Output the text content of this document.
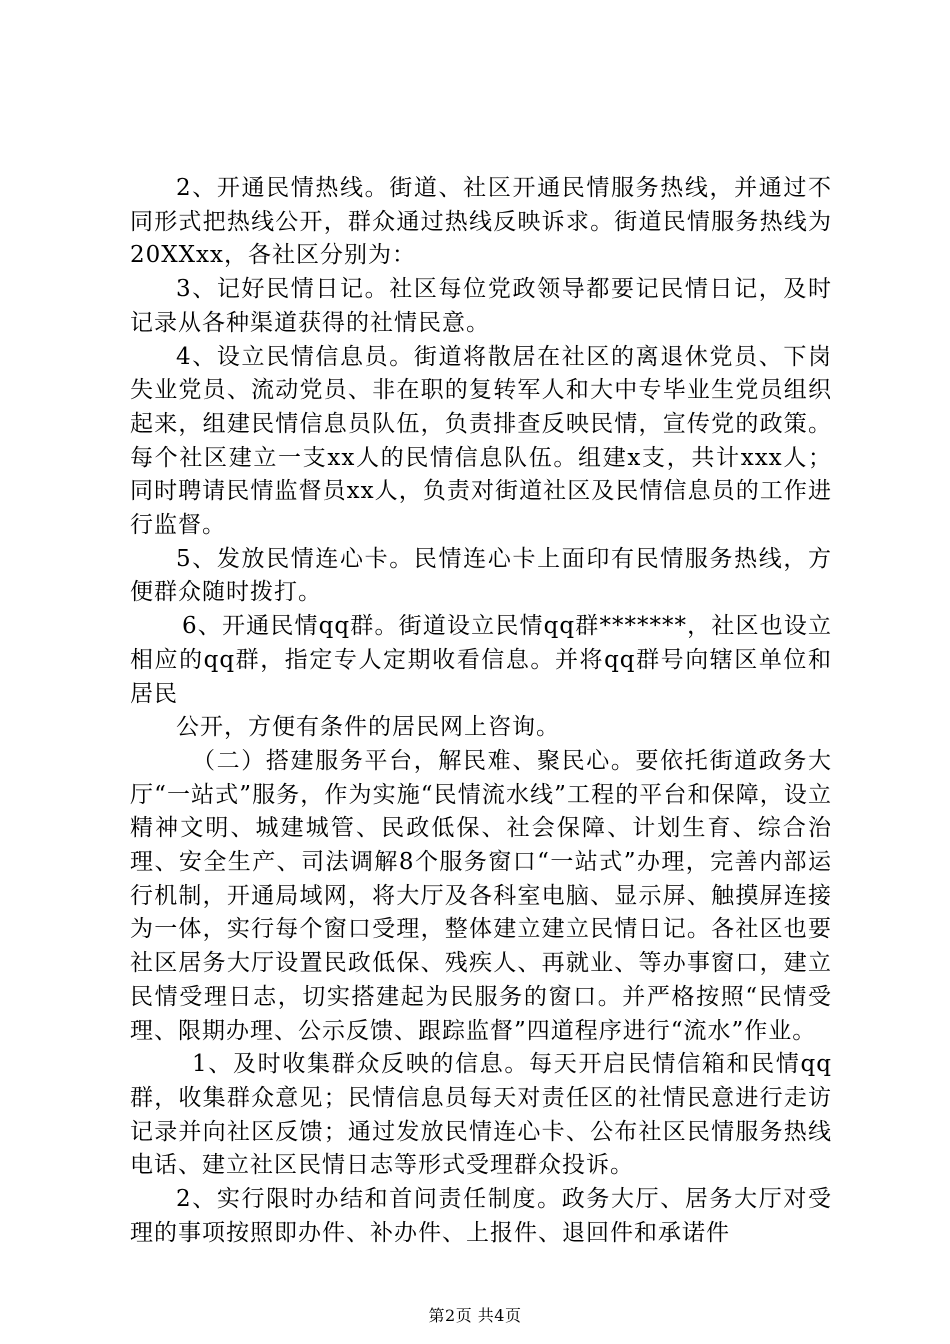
2、开通民情热线。街道、社区开通民情服务热线，并通过不同形式把热线公开，群众通过热线反映诉求。街道民情服务热线为20XXxx，各社区分别为：

3、记好民情日记。社区每位党政领导都要记民情日记，及时记录从各种渠道获得的社情民意。

4、设立民情信息员。街道将散居在社区的离退休党员、下岗失业党员、流动党员、非在职的复转军人和大中专毕业生党员组织起来，组建民情信息员队伍，负责排查反映民情，宣传党的政策。每个社区建立一支xx人的民情信息队伍。组建x支，共计xxx人；同时聘请民情监督员xx人，负责对街道社区及民情信息员的工作进行监督。

5、发放民情连心卡。民情连心卡上面印有民情服务热线，方便群众随时拨打。

6、开通民情qq群。街道设立民情qq群*******，社区也设立相应的qq群，指定专人定期收看信息。并将qq群号向辖区单位和居民

公开，方便有条件的居民网上咨询。

（二）搭建服务平台，解民难、聚民心。要依托街道政务大厅“一站式”服务，作为实施“民情流水线”工程的平台和保障，设立精神文明、城建城管、民政低保、社会保障、计划生育、综合治理、安全生产、司法调解8个服务窗口“一站式”办理，完善内部运行机制，开通局域网，将大厅及各科室电脑、显示屏、触摸屏连接为一体，实行每个窗口受理，整体建立建立民情日记。各社区也要社区居务大厅设置民政低保、残疾人、再就业、等办事窗口，建立民情受理日志，切实搭建起为民服务的窗口。并严格按照“民情受理、限期办理、公示反馈、跟踪监督”四道程序进行“流水”作业。

1、及时收集群众反映的信息。每天开启民情信箱和民情qq群，收集群众意见；民情信息员每天对责任区的社情民意进行走访记录并向社区反馈；通过发放民情连心卡、公布社区民情服务热线电话、建立社区民情日志等形式受理群众投诉。

2、实行限时办结和首问责任制度。政务大厅、居务大厅对受理的事项按照即办件、补办件、上报件、退回件和承诺件

第2页 共4页
